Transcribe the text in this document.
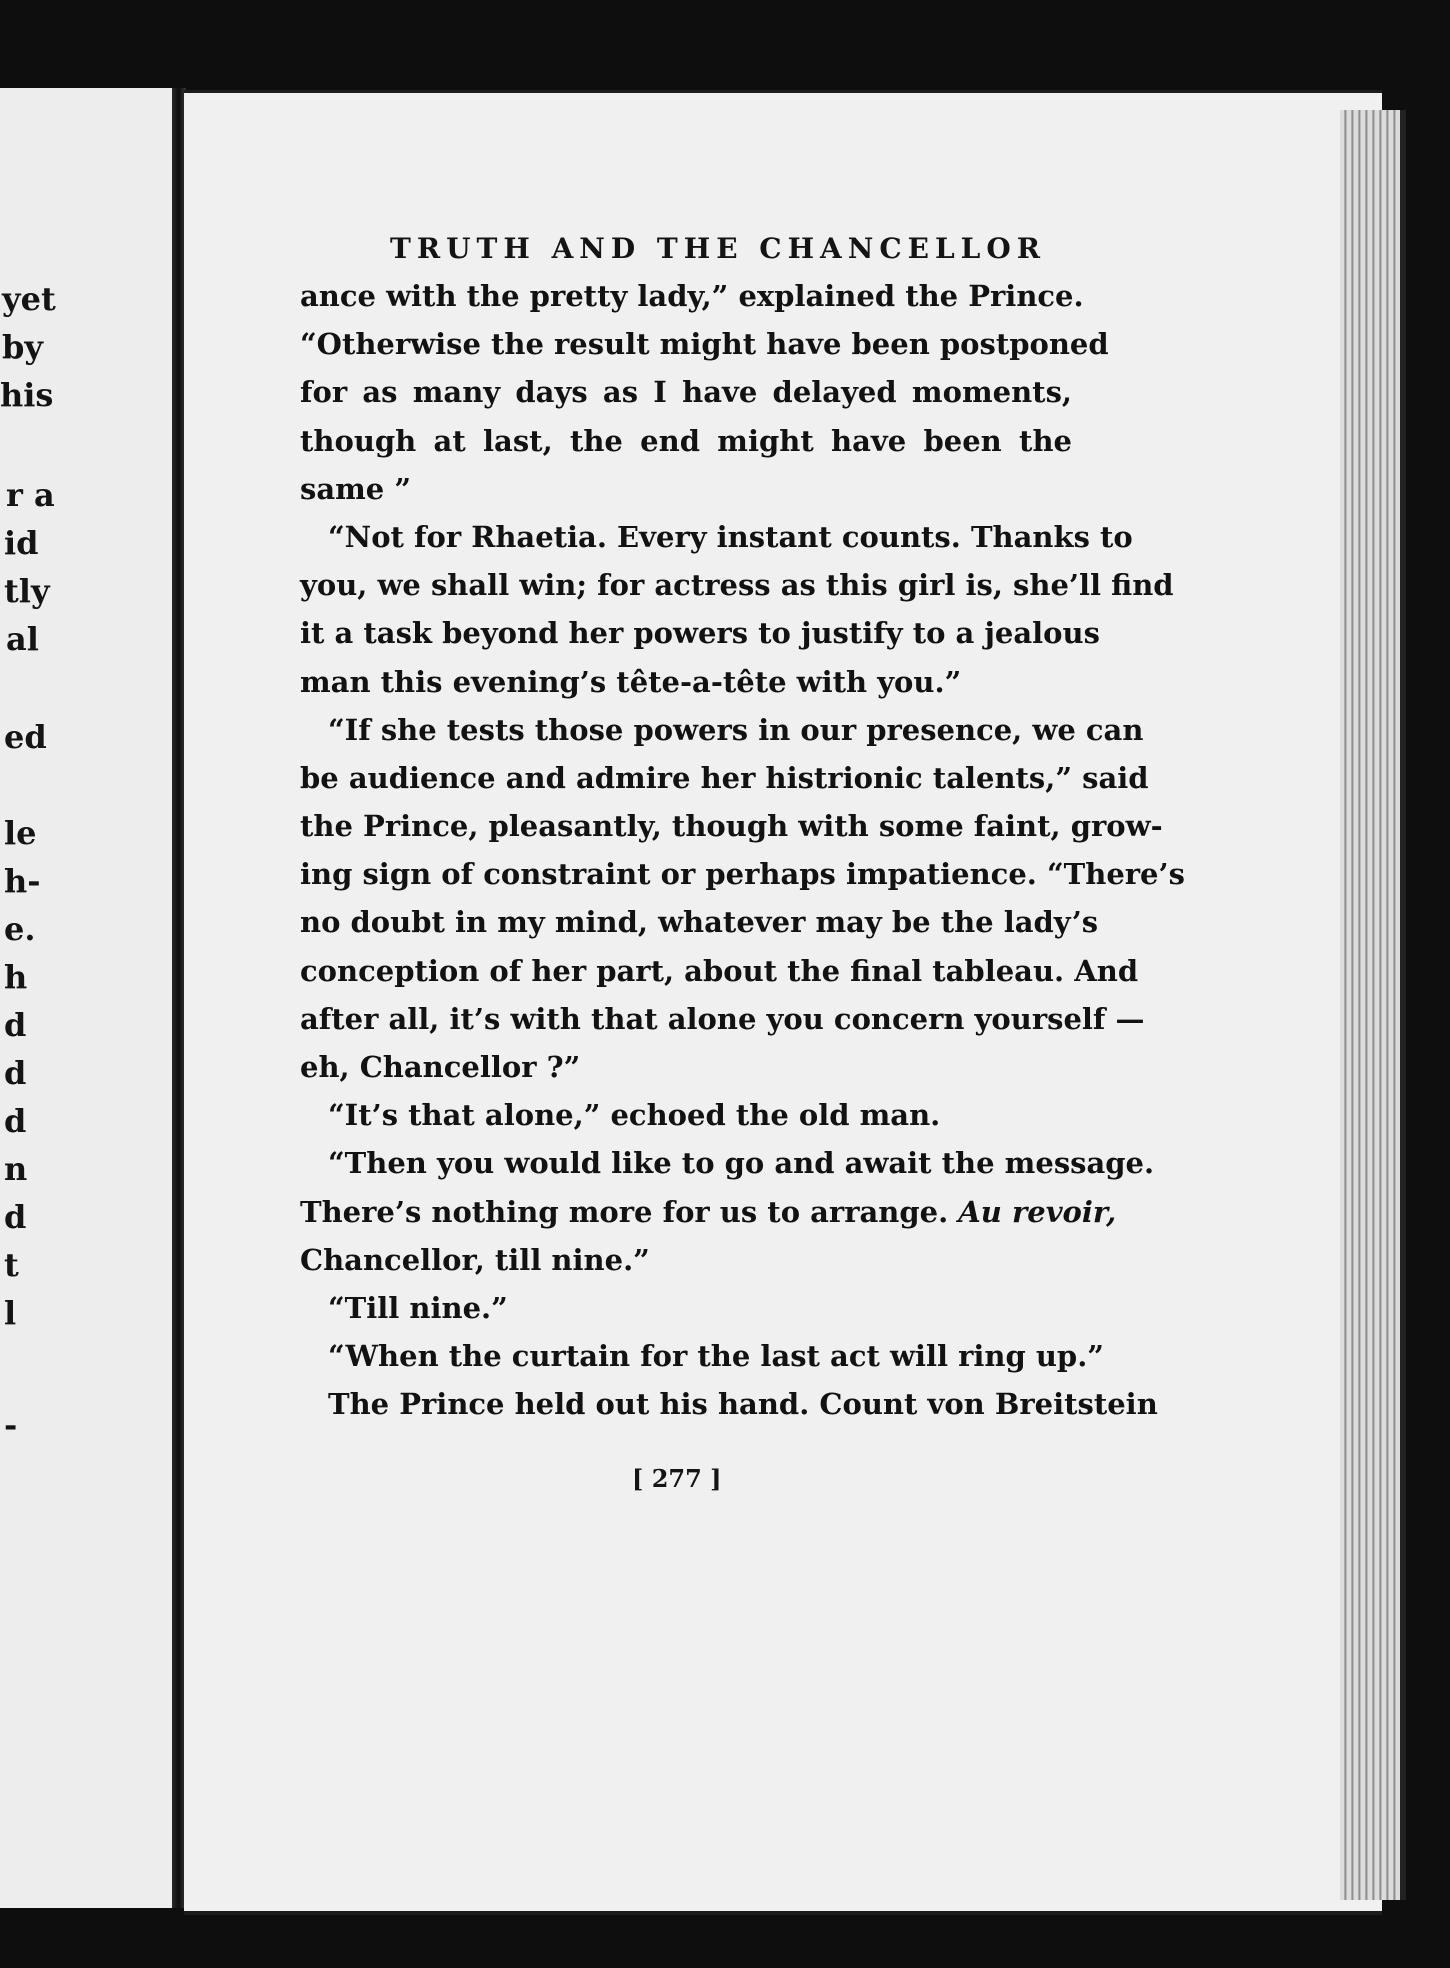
yet
by
his
r a
id
tly
al
ed
le
h-
e.
h
d
d
d
n
d
t
l
-
TRUTH AND THE CHANCELLOR
ance with the pretty lady,” explained the Prince.
“Otherwise the result might have been postponed
for as many days as I have delayed moments,
though at last, the end might have been the
same ”
“Not for Rhaetia. Every instant counts. Thanks to
you, we shall win; for actress as this girl is, she’ll find
it a task beyond her powers to justify to a jealous
man this evening’s tête-a-tête with you.”
“If she tests those powers in our presence, we can
be audience and admire her histrionic talents,” said
the Prince, pleasantly, though with some faint, grow-
ing sign of constraint or perhaps impatience. “There’s
no doubt in my mind, whatever may be the lady’s
conception of her part, about the final tableau. And
after all, it’s with that alone you concern yourself —
eh, Chancellor ?”
“It’s that alone,” echoed the old man.
“Then you would like to go and await the message.
There’s nothing more for us to arrange. Au revoir,
Chancellor, till nine.”
“Till nine.”
“When the curtain for the last act will ring up.”
The Prince held out his hand. Count von Breitstein
[ 277 ]
